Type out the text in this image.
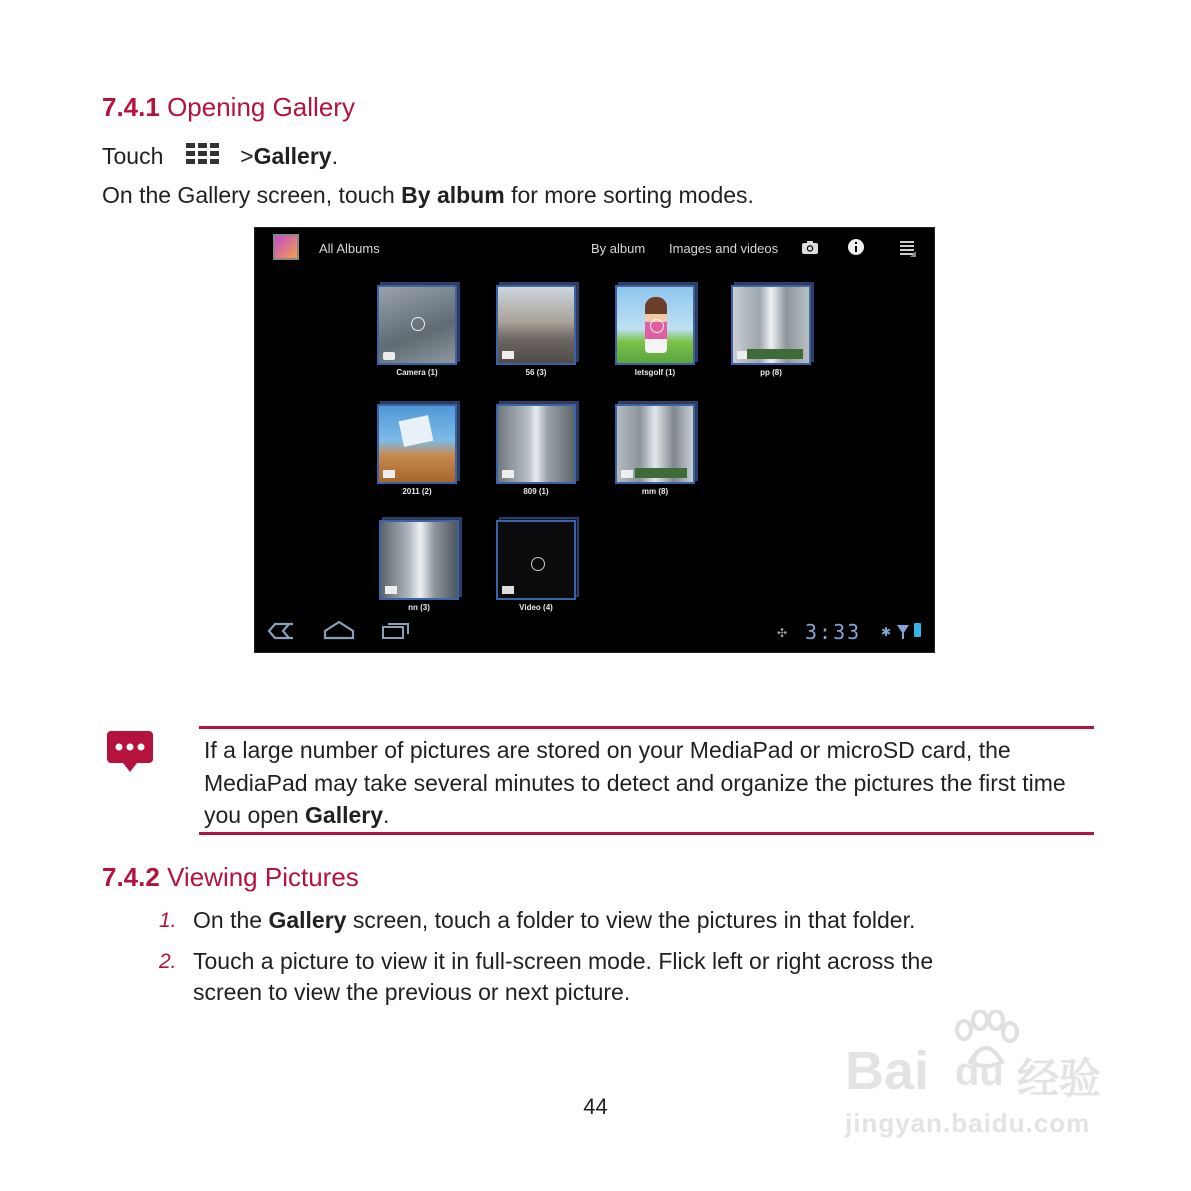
7.4.1 Opening Gallery
Touch	>Gallery.
On the Gallery screen, touch By album for more sorting modes.
All Albums	By album Images and videos
Camera (1)	56 (3)	letsgolf (1)	pp (8)
2011 (2)	809 (1)	mm (8)
nn (3)	Video (4)
✣ 3:33 ✱
If a large number of pictures are stored on your MediaPad or microSD card, the MediaPad may take several minutes to detect and organize the pictures the first time you open Gallery.
7.4.2 Viewing Pictures
1. On the Gallery screen, touch a folder to view the pictures in that folder.
2. Touch a picture to view it in full-screen mode. Flick left or right across the
screen to view the previous or next picture.
44
Bai du 经验
jingyan.baidu.com
